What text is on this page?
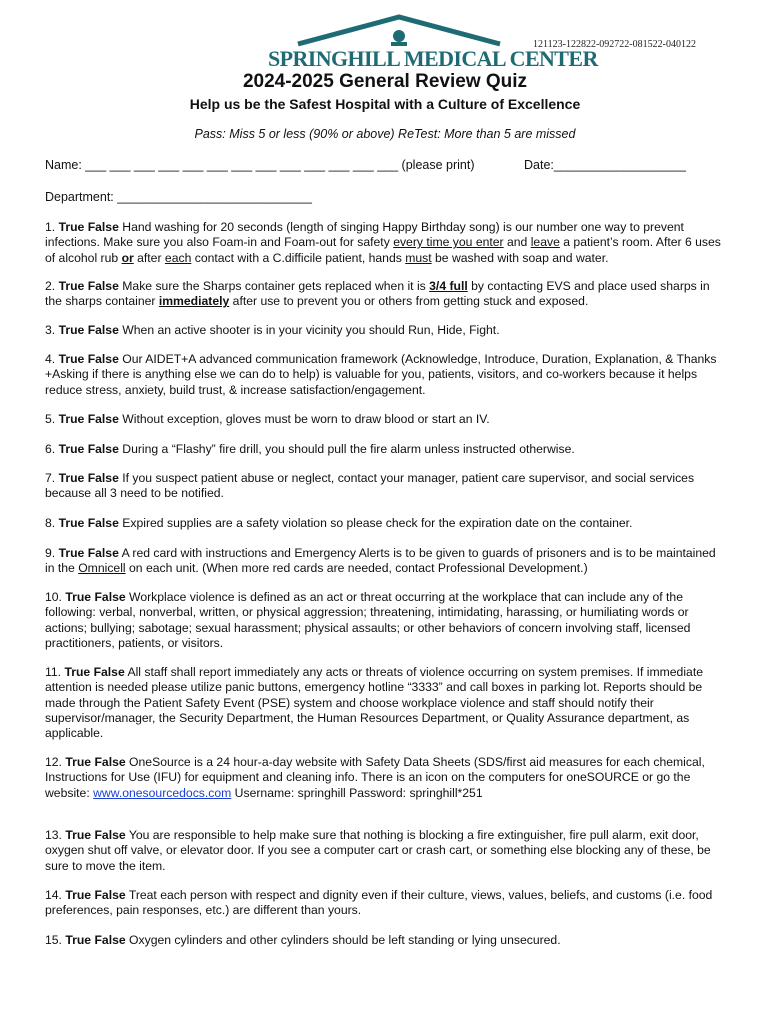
SPRINGHILL MEDICAL CENTER
121123-122822-092722-081522-040122
2024-2025 General Review Quiz
Help us be the Safest Hospital with a Culture of Excellence
Pass: Miss 5 or less (90% or above) ReTest: More than 5 are missed
Name: ___ ___ ___ ___ ___ ___ ___ ___ ___ ___ ___ ___ ___ (please print)	Date:___________________
Department: ____________________________
1. True False Hand washing for 20 seconds (length of singing Happy Birthday song) is our number one way to prevent infections. Make sure you also Foam-in and Foam-out for safety every time you enter and leave a patient’s room. After 6 uses of alcohol rub or after each contact with a C.difficile patient, hands must be washed with soap and water.
2. True False Make sure the Sharps container gets replaced when it is 3/4 full by contacting EVS and place used sharps in the sharps container immediately after use to prevent you or others from getting stuck and exposed.
3. True False When an active shooter is in your vicinity you should Run, Hide, Fight.
4. True False Our AIDET+A advanced communication framework (Acknowledge, Introduce, Duration, Explanation, & Thanks +Asking if there is anything else we can do to help) is valuable for you, patients, visitors, and co-workers because it helps reduce stress, anxiety, build trust, & increase satisfaction/engagement.
5. True False Without exception, gloves must be worn to draw blood or start an IV.
6. True False During a “Flashy” fire drill, you should pull the fire alarm unless instructed otherwise.
7. True False If you suspect patient abuse or neglect, contact your manager, patient care supervisor, and social services because all 3 need to be notified.
8. True False Expired supplies are a safety violation so please check for the expiration date on the container.
9. True False A red card with instructions and Emergency Alerts is to be given to guards of prisoners and is to be maintained in the Omnicell on each unit. (When more red cards are needed, contact Professional Development.)
10. True False Workplace violence is defined as an act or threat occurring at the workplace that can include any of the following: verbal, nonverbal, written, or physical aggression; threatening, intimidating, harassing, or humiliating words or actions; bullying; sabotage; sexual harassment; physical assaults; or other behaviors of concern involving staff, licensed practitioners, patients, or visitors.
11. True False All staff shall report immediately any acts or threats of violence occurring on system premises. If immediate attention is needed please utilize panic buttons, emergency hotline “3333” and call boxes in parking lot. Reports should be made through the Patient Safety Event (PSE) system and choose workplace violence and staff should notify their supervisor/manager, the Security Department, the Human Resources Department, or Quality Assurance department, as applicable.
12. True False OneSource is a 24 hour-a-day website with Safety Data Sheets (SDS/first aid measures for each chemical, Instructions for Use (IFU) for equipment and cleaning info. There is an icon on the computers for oneSOURCE or go the website: www.onesourcedocs.com Username: springhill Password: springhill*251
13. True False You are responsible to help make sure that nothing is blocking a fire extinguisher, fire pull alarm, exit door, oxygen shut off valve, or elevator door. If you see a computer cart or crash cart, or something else blocking any of these, be sure to move the item.
14. True False Treat each person with respect and dignity even if their culture, views, values, beliefs, and customs (i.e. food preferences, pain responses, etc.) are different than yours.
15. True False Oxygen cylinders and other cylinders should be left standing or lying unsecured.
